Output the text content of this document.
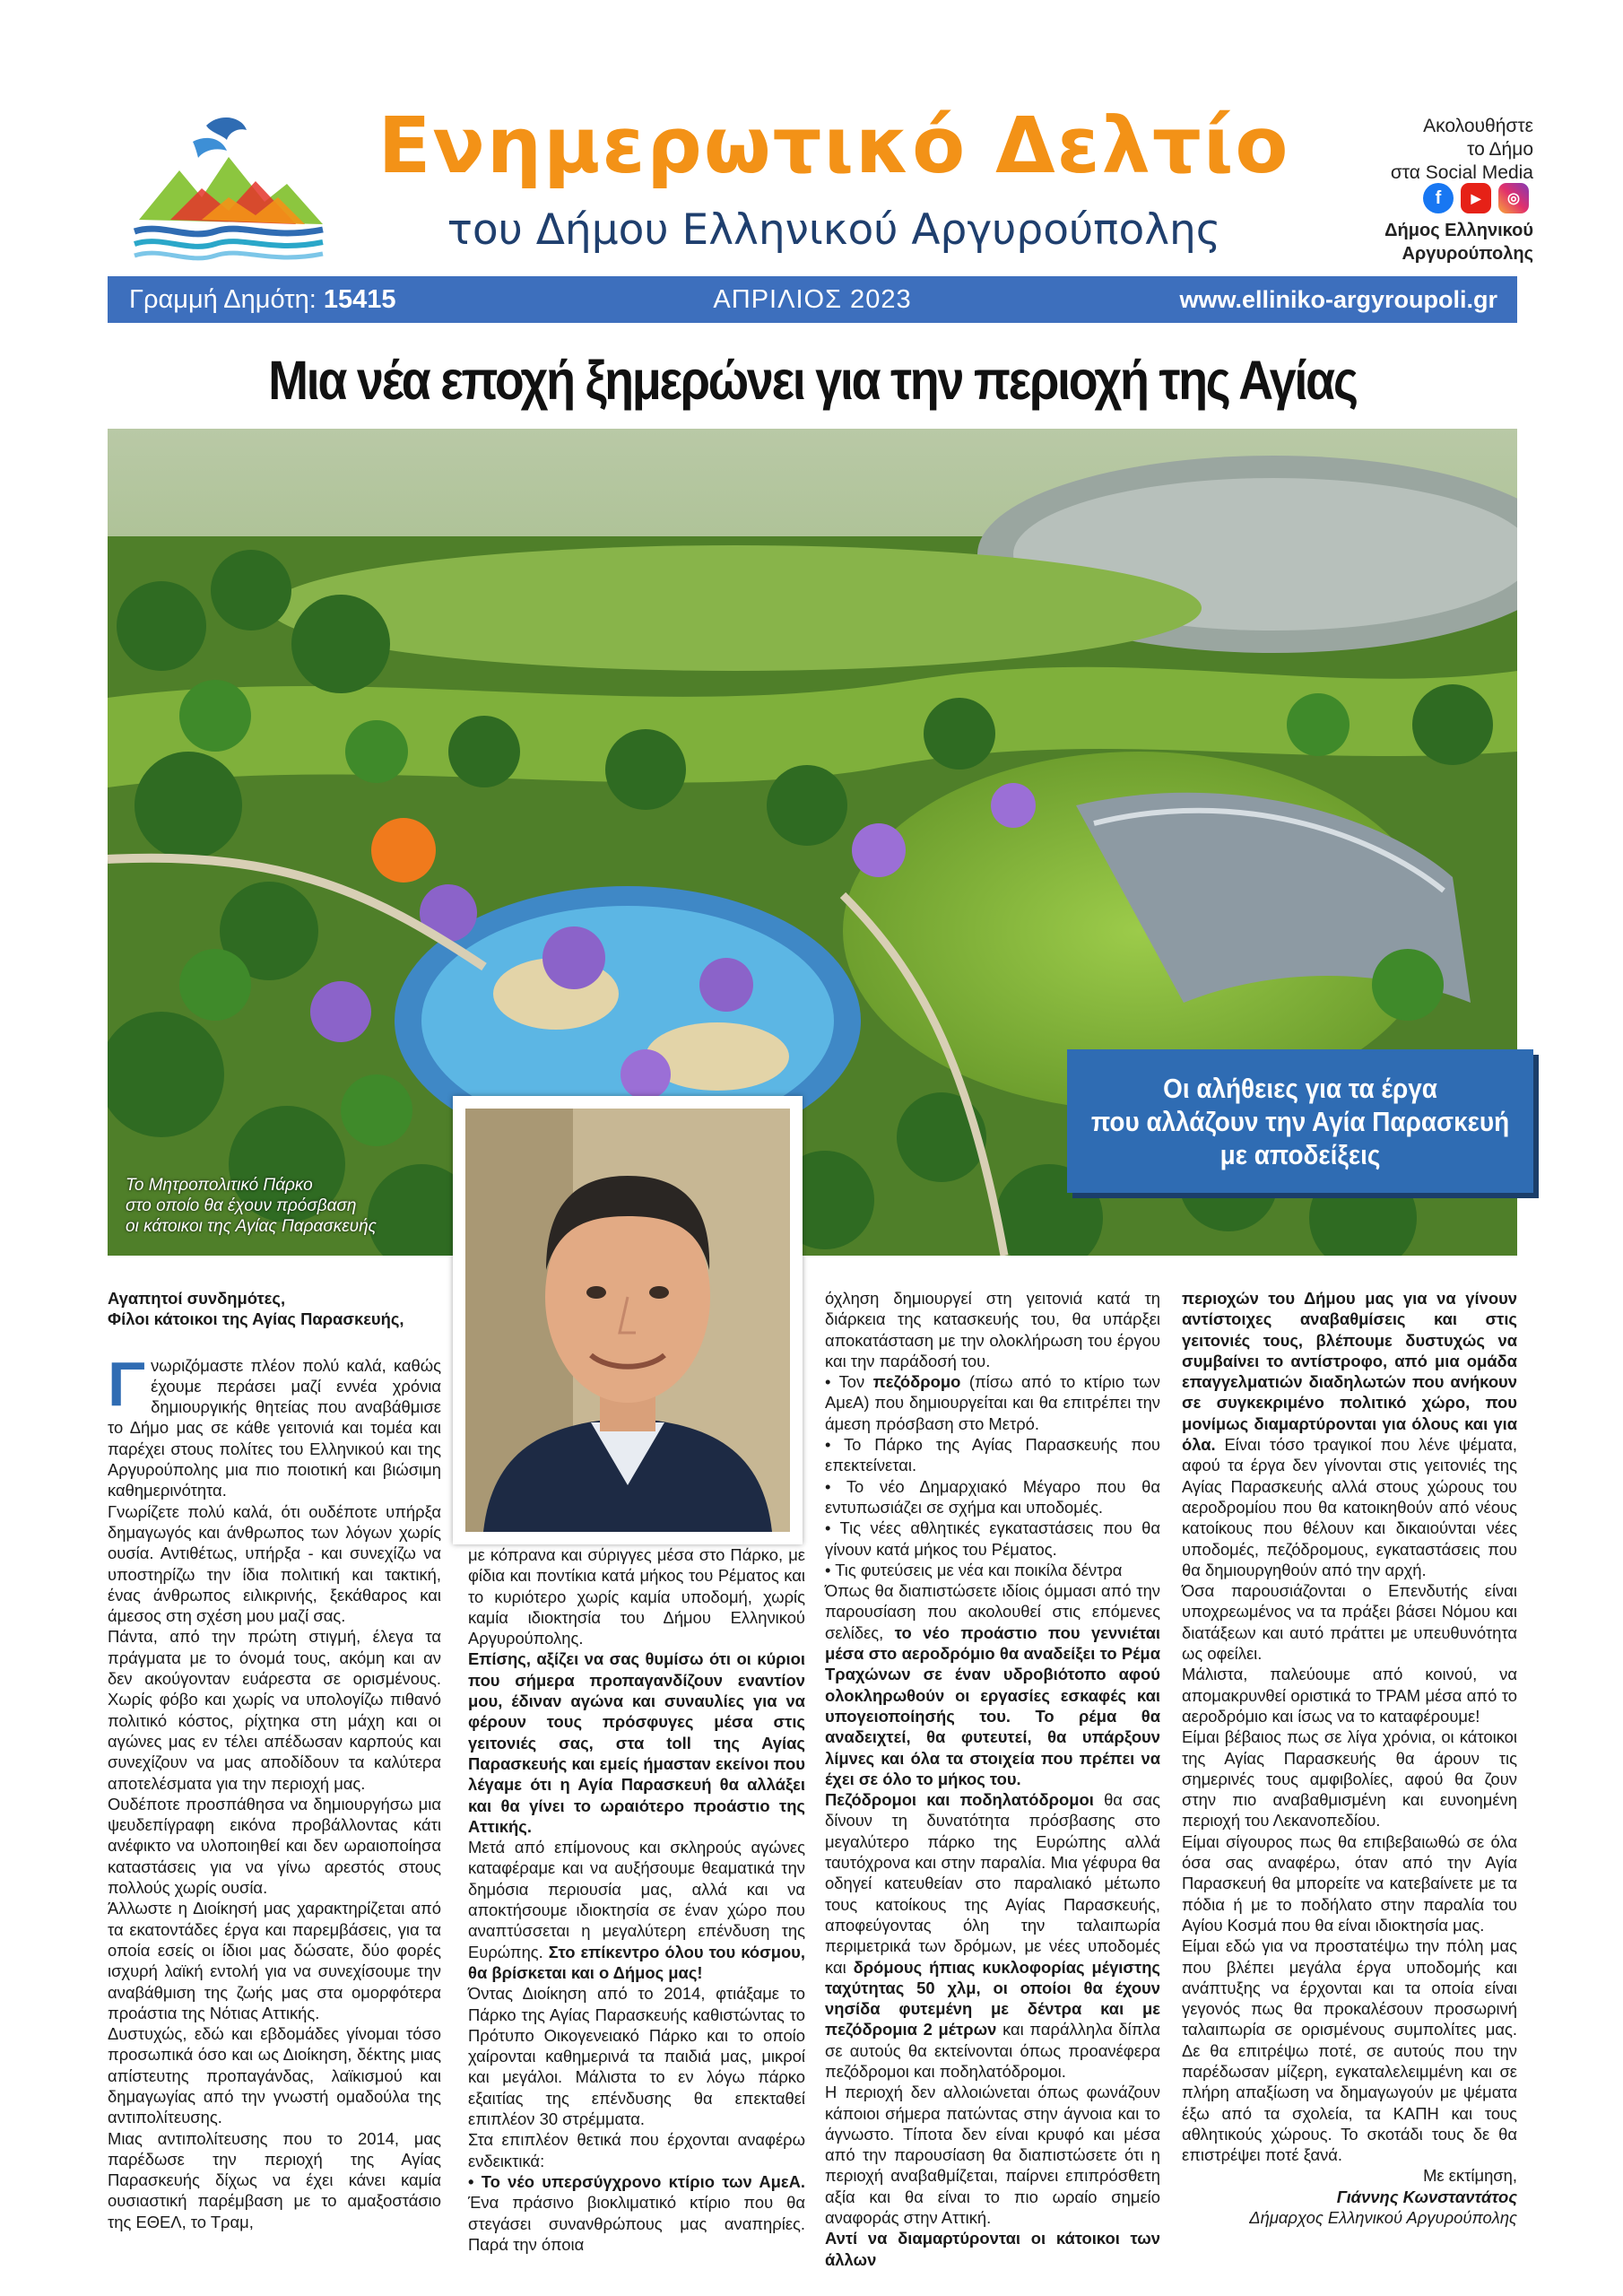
Ενημερωτικό Δελτίο
του Δήμου Ελληνικού Αργυρούπολης
Ακολουθήστε
το Δήμο
στα Social Media
f	▶	◎
Δήμος Ελληνικού
Αργυρούπολης
ΑΠΡΙΛΙΟΣ 2023
Γραμμή Δημότη: 15415	www.elliniko-argyroupoli.gr
Μια νέα εποχή ξημερώνει για την περιοχή της Αγίας
Το Μητροπολιτικό Πάρκο
στο οποίο θα έχουν πρόσβαση
οι κάτοικοι της Αγίας Παρασκευής
Οι αλήθειες για τα έργα
που αλλάζουν την Αγία Παρασκευή
με αποδείξεις

Αγαπητοί συνδημότες,

Φίλοι κάτοικοι της Αγίας Παρασκευής,

Γνωριζόμαστε πλέον πολύ καλά, καθώς έχουμε περάσει μαζί εννέα χρόνια δημιουργικής θητείας που αναβάθμισε το Δήμο μας σε κάθε γειτονιά και τομέα και παρέχει στους πολίτες του Ελληνικού και της Αργυρούπολης μια πιο ποιοτική και βιώσιμη καθημερινότητα.

Γνωρίζετε πολύ καλά, ότι ουδέποτε υπήρξα δημαγωγός και άνθρωπος των λόγων χωρίς ουσία. Αντιθέτως, υπήρξα - και συνεχίζω να υποστηρίζω την ίδια πολιτική και τακτική, ένας άνθρωπος ειλικρινής, ξεκάθαρος και άμεσος στη σχέση μου μαζί σας.

Πάντα, από την πρώτη στιγμή, έλεγα τα πράγματα με το όνομά τους, ακόμη και αν δεν ακούγονταν ευάρεστα σε ορισμένους. Χωρίς φόβο και χωρίς να υπολογίζω πιθανό πολιτικό κόστος, ρίχτηκα στη μάχη και οι αγώνες μας εν τέλει απέδωσαν καρπούς και συνεχίζουν να μας αποδίδουν τα καλύτερα αποτελέσματα για την περιοχή μας.

Ουδέποτε προσπάθησα να δημιουργήσω μια ψευδεπίγραφη εικόνα προβάλλοντας κάτι ανέφικτο να υλοποιηθεί και δεν ωραιοποίησα καταστάσεις για να γίνω αρεστός στους πολλούς χωρίς ουσία.

Άλλωστε η Διοίκησή μας χαρακτηρίζεται από τα εκατοντάδες έργα και παρεμβάσεις, για τα οποία εσείς οι ίδιοι μας δώσατε, δύο φορές ισχυρή λαϊκή εντολή για να συνεχίσουμε την αναβάθμιση της ζωής μας στα ομορφότερα προάστια της Νότιας Αττικής.

Δυστυχώς, εδώ και εβδομάδες γίνομαι τόσο προσωπικά όσο και ως Διοίκηση, δέκτης μιας απίστευτης προπαγάνδας, λαϊκισμού και δημαγωγίας από την γνωστή ομαδούλα της αντιπολίτευσης.

Μιας αντιπολίτευσης που το 2014, μας παρέδωσε την περιοχή της Αγίας Παρασκευής δίχως να έχει κάνει καμία ουσιαστική παρέμβαση με το αμαξοστάσιο της ΕΘΕΛ, το Τραμ,

με κόπρανα και σύριγγες μέσα στο Πάρκο, με φίδια και ποντίκια κατά μήκος του Ρέματος και το κυριότερο χωρίς καμία υποδομή, χωρίς καμία ιδιοκτησία του Δήμου Ελληνικού Αργυρούπολης.

Επίσης, αξίζει να σας θυμίσω ότι οι κύριοι που σήμερα προπαγανδίζουν εναντίον μου, έδιναν αγώνα και συναυλίες για να φέρουν τους πρόσφυγες μέσα στις γειτονιές σας, στα toll της Αγίας Παρασκευής και εμείς ήμασταν εκείνοι που λέγαμε ότι η Αγία Παρασκευή θα αλλάξει και θα γίνει το ωραιότερο προάστιο της Αττικής.

Μετά από επίμονους και σκληρούς αγώνες καταφέραμε και να αυξήσουμε θεαματικά την δημόσια περιουσία μας, αλλά και να αποκτήσουμε ιδιοκτησία σε έναν χώρο που αναπτύσσεται η μεγαλύτερη επένδυση της Ευρώπης. Στο επίκεντρο όλου του κόσμου, θα βρίσκεται και ο Δήμος μας!

Όντας Διοίκηση από το 2014, φτιάξαμε το Πάρκο της Αγίας Παρασκευής καθιστώντας το Πρότυπο Οικογενειακό Πάρκο και το οποίο χαίρονται καθημερινά τα παιδιά μας, μικροί και μεγάλοι. Μάλιστα το εν λόγω πάρκο εξαιτίας της επένδυσης θα επεκταθεί επιπλέον 30 στρέμματα.

Στα επιπλέον θετικά που έρχονται αναφέρω ενδεικτικά:

• Το νέο υπερσύγχρονο κτίριο των ΑμεΑ. Ένα πράσινο βιοκλιματικό κτίριο που θα στεγάσει συνανθρώπους μας αναπηρίες. Παρά την όποια

όχληση δημιουργεί στη γειτονιά κατά τη διάρκεια της κατασκευής του, θα υπάρξει αποκατάσταση με την ολοκλήρωση του έργου και την παράδοσή του.

• Τον πεζόδρομο (πίσω από το κτίριο των ΑμεΑ) που δημιουργείται και θα επιτρέπει την άμεση πρόσβαση στο Μετρό.

• Το Πάρκο της Αγίας Παρασκευής που επεκτείνεται.

• Το νέο Δημαρχιακό Μέγαρο που θα εντυπωσιάζει σε σχήμα και υποδομές.

• Τις νέες αθλητικές εγκαταστάσεις που θα γίνουν κατά μήκος του Ρέματος.

• Τις φυτεύσεις με νέα και ποικίλα δέντρα

Όπως θα διαπιστώσετε ιδίοις όμμασι από την παρουσίαση που ακολουθεί στις επόμενες σελίδες, το νέο προάστιο που γεννιέται μέσα στο αεροδρόμιο θα αναδείξει το Ρέμα Τραχώνων σε έναν υδροβιότοπο αφού ολοκληρωθούν οι εργασίες εσκαφές και υπογειοποίησής του. Το ρέμα θα αναδειχτεί, θα φυτευτεί, θα υπάρξουν λίμνες και όλα τα στοιχεία που πρέπει να έχει σε όλο το μήκος του.

Πεζόδρομοι και ποδηλατόδρομοι θα σας δίνουν τη δυνατότητα πρόσβασης στο μεγαλύτερο πάρκο της Ευρώπης αλλά ταυτόχρονα και στην παραλία. Μια γέφυρα θα οδηγεί κατευθείαν στο παραλιακό μέτωπο τους κατοίκους της Αγίας Παρασκευής, αποφεύγοντας όλη την ταλαιπωρία περιμετρικά των δρόμων, με νέες υποδομές και δρόμους ήπιας κυκλοφορίας μέγιστης ταχύτητας 50 χλμ, οι οποίοι θα έχουν νησίδα φυτεμένη με δέντρα και με πεζόδρομια 2 μέτρων και παράλληλα δίπλα σε αυτούς θα εκτείνονται όπως προανέφερα πεζόδρομοι και ποδηλατόδρομοι.

Η περιοχή δεν αλλοιώνεται όπως φωνάζουν κάποιοι σήμερα πατώντας στην άγνοια και το άγνωστο. Τίποτα δεν είναι κρυφό και μέσα από την παρουσίαση θα διαπιστώσετε ότι η περιοχή αναβαθμίζεται, παίρνει επιπρόσθετη αξία και θα είναι το πιο ωραίο σημείο αναφοράς στην Αττική.

Αντί να διαμαρτύρονται οι κάτοικοι των άλλων

περιοχών του Δήμου μας για να γίνουν αντίστοιχες αναβαθμίσεις και στις γειτονιές τους, βλέπουμε δυστυχώς να συμβαίνει το αντίστροφο, από μια ομάδα επαγγελματιών διαδηλωτών που ανήκουν σε συγκεκριμένο πολιτικό χώρο, που μονίμως διαμαρτύρονται για όλους και για όλα. Είναι τόσο τραγικοί που λένε ψέματα, αφού τα έργα δεν γίνονται στις γειτονιές της Αγίας Παρασκευής αλλά στους χώρους του αεροδρομίου που θα κατοικηθούν από νέους κατοίκους που θέλουν και δικαιούνται νέες υποδομές, πεζόδρομους, εγκαταστάσεις που θα δημιουργηθούν από την αρχή.

Όσα παρουσιάζονται ο Επενδυτής είναι υποχρεωμένος να τα πράξει βάσει Νόμου και διατάξεων και αυτό πράττει με υπευθυνότητα ως οφείλει.

Μάλιστα, παλεύουμε από κοινού, να απομακρυνθεί οριστικά το ΤΡΑΜ μέσα από το αεροδρόμιο και ίσως να το καταφέρουμε!

Είμαι βέβαιος πως σε λίγα χρόνια, οι κάτοικοι της Αγίας Παρασκευής θα άρουν τις σημερινές τους αμφιβολίες, αφού θα ζουν στην πιο αναβαθμισμένη και ευνοημένη περιοχή του Λεκανοπεδίου.

Είμαι σίγουρος πως θα επιβεβαιωθώ σε όλα όσα σας αναφέρω, όταν από την Αγία Παρασκευή θα μπορείτε να κατεβαίνετε με τα πόδια ή με το ποδήλατο στην παραλία του Αγίου Κοσμά που θα είναι ιδιοκτησία μας.

Είμαι εδώ για να προστατέψω την πόλη μας που βλέπει μεγάλα έργα υποδομής και ανάπτυξης να έρχονται και τα οποία είναι γεγονός πως θα προκαλέσουν προσωρινή ταλαιπωρία σε ορισμένους συμπολίτες μας. Δε θα επιτρέψω ποτέ, σε αυτούς που την παρέδωσαν μίζερη, εγκαταλελειμμένη και σε πλήρη απαξίωση να δημαγωγούν με ψέματα έξω από τα σχολεία, τα ΚΑΠΗ και τους αθλητικούς χώρους. Το σκοτάδι τους δε θα επιστρέψει ποτέ ξανά.

Με εκτίμηση,

Γιάννης Κωνσταντάτος

Δήμαρχος Ελληνικού Αργυρούπολης
